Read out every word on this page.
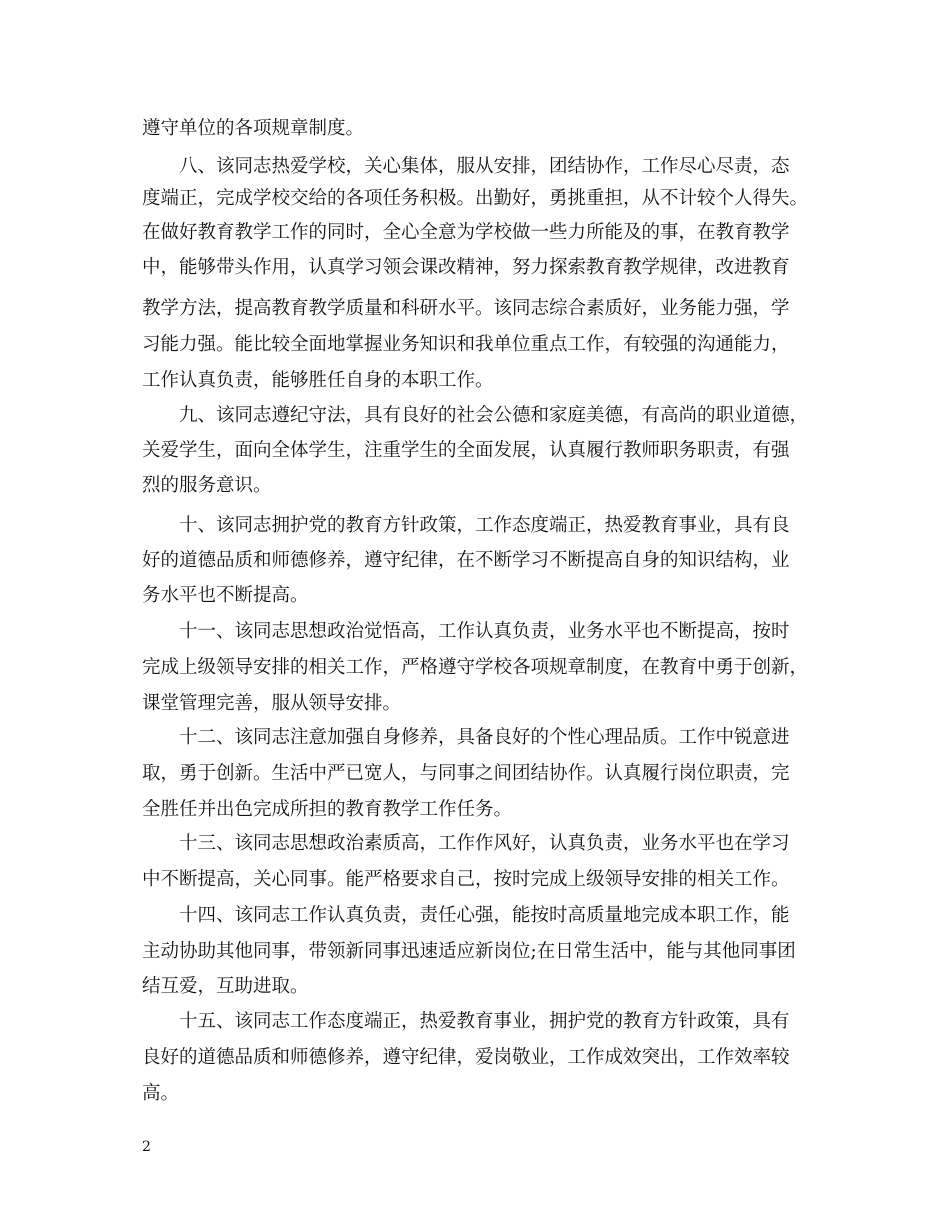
遵守单位的各项规章制度。
八、该同志热爱学校，关心集体，服从安排，团结协作，工作尽心尽责，态
度端正，完成学校交给的各项任务积极。出勤好，勇挑重担，从不计较个人得失。
在做好教育教学工作的同时，全心全意为学校做一些力所能及的事，在教育教学
中，能够带头作用，认真学习领会课改精神，努力探索教育教学规律，改进教育
教学方法，提高教育教学质量和科研水平。该同志综合素质好，业务能力强，学
习能力强。能比较全面地掌握业务知识和我单位重点工作，有较强的沟通能力，
工作认真负责，能够胜任自身的本职工作。
九、该同志遵纪守法，具有良好的社会公德和家庭美德，有高尚的职业道德，
关爱学生，面向全体学生，注重学生的全面发展，认真履行教师职务职责，有强
烈的服务意识。
十、该同志拥护党的教育方针政策，工作态度端正，热爱教育事业，具有良
好的道德品质和师德修养，遵守纪律，在不断学习不断提高自身的知识结构，业
务水平也不断提高。
十一、该同志思想政治觉悟高，工作认真负责，业务水平也不断提高，按时
完成上级领导安排的相关工作，严格遵守学校各项规章制度，在教育中勇于创新，
课堂管理完善，服从领导安排。
十二、该同志注意加强自身修养，具备良好的个性心理品质。工作中锐意进
取，勇于创新。生活中严已宽人，与同事之间团结协作。认真履行岗位职责，完
全胜任并出色完成所担的教育教学工作任务。
十三、该同志思想政治素质高，工作作风好，认真负责，业务水平也在学习
中不断提高，关心同事。能严格要求自己，按时完成上级领导安排的相关工作。
十四、该同志工作认真负责，责任心强，能按时高质量地完成本职工作，能
主动协助其他同事，带领新同事迅速适应新岗位;在日常生活中，能与其他同事团
结互爱，互助进取。
十五、该同志工作态度端正，热爱教育事业，拥护党的教育方针政策，具有
良好的道德品质和师德修养，遵守纪律，爱岗敬业，工作成效突出，工作效率较
高。
2
